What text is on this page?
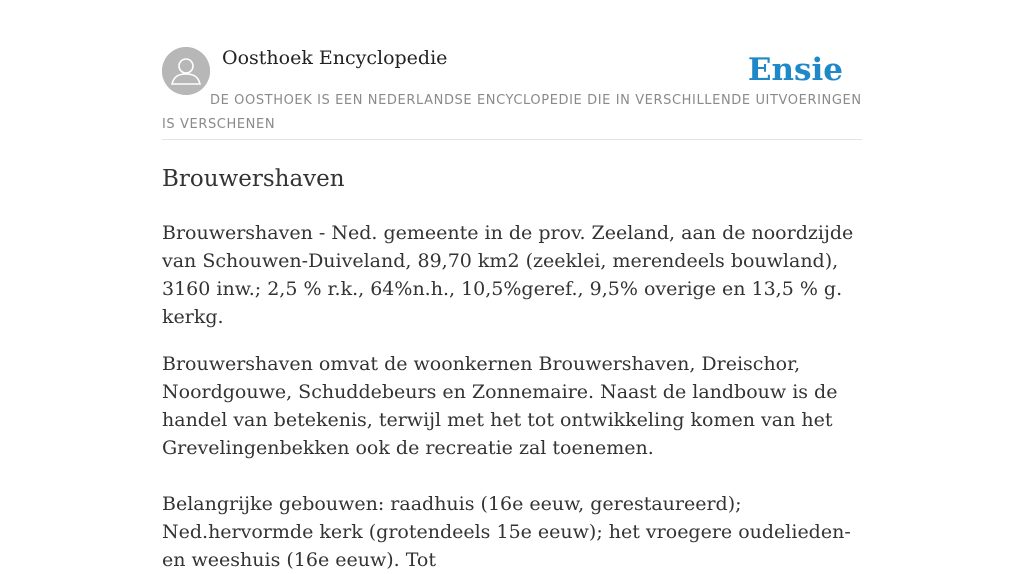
Oosthoek Encyclopedie	Ensie
DE OOSTHOEK IS EEN NEDERLANDSE ENCYCLOPEDIE DIE IN VERSCHILLENDE UITVOERINGEN IS VERSCHENEN
Brouwershaven

Brouwershaven - Ned. gemeente in de prov. Zeeland, aan de noordzijde van Schouwen-Duiveland, 89,70 km2 (zeeklei, merendeels bouwland), 3160 inw.; 2,5 % r.k., 64%n.h., 10,5%geref., 9,5% overige en 13,5 % g. kerkg.

Brouwershaven omvat de woonkernen Brouwershaven, Dreischor, Noordgouwe, Schuddebeurs en Zonnemaire. Naast de landbouw is de handel van betekenis, terwijl met het tot ontwikkeling komen van het Grevelingenbekken ook de recreatie zal toenemen.

Belangrijke gebouwen: raadhuis (16e eeuw, gerestaureerd); Ned.hervormde kerk (grotendeels 15e eeuw); het vroegere oudelieden- en weeshuis (16e eeuw). Tot
